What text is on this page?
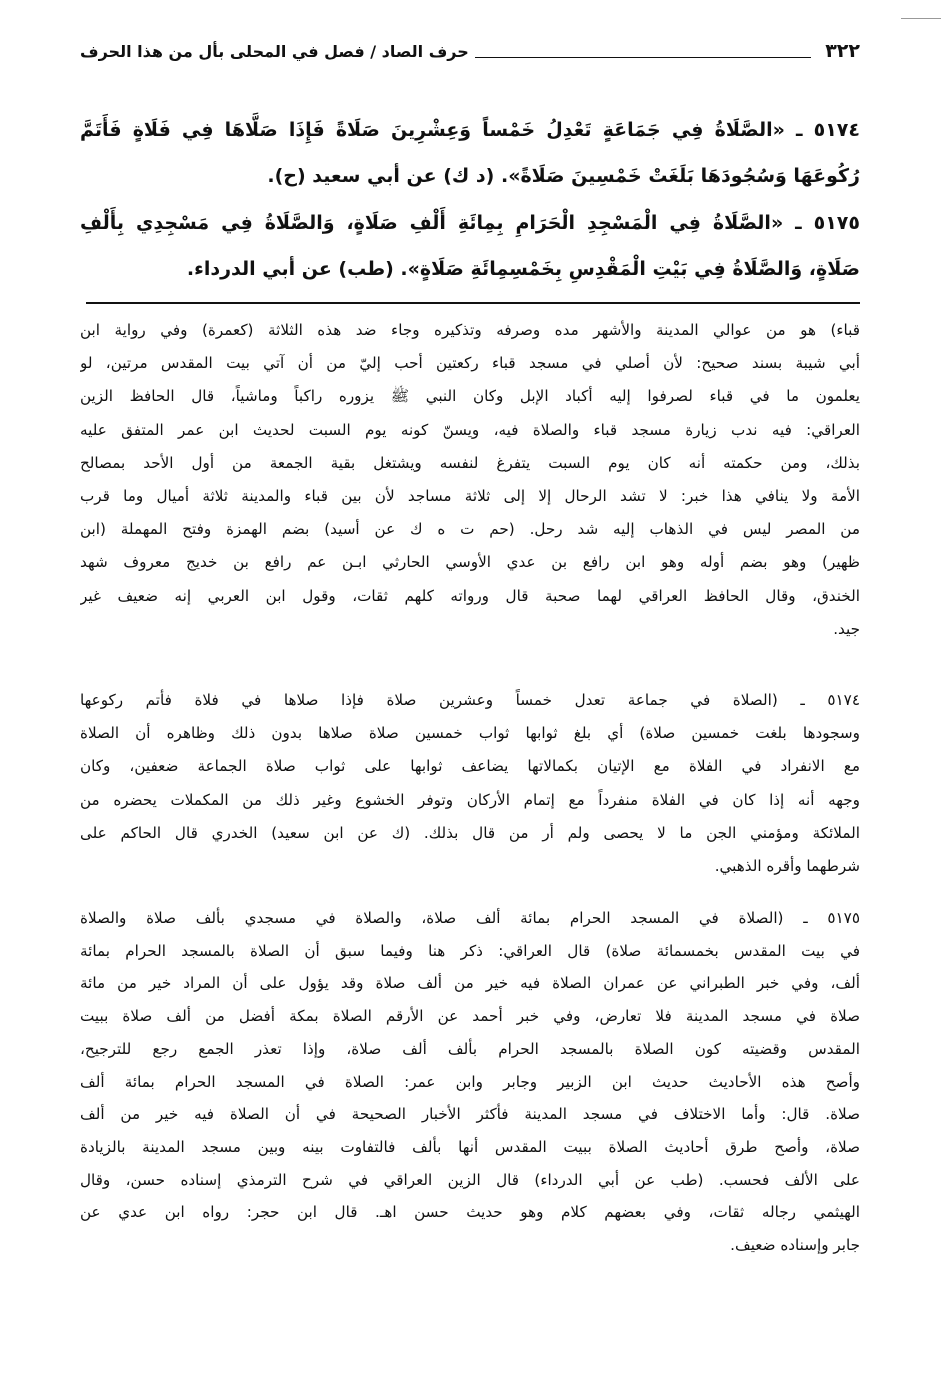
٣٢٢
حرف الصاد / فصل في المحلى بأل من هذا الحرف
٥١٧٤ ـ «الصَّلَاةُ فِي جَمَاعَةٍ تَعْدِلُ خَمْساً وَعِشْرِينَ صَلَاةً فَإِذَا صَلَّاهَا فِي فَلَاةٍ فَأَتَمَّ
رُكُوعَهَا وَسُجُودَهَا بَلَغَتْ خَمْسِينَ صَلَاةً». (د ك) عن أبي سعيد (ح).
٥١٧٥ ـ «الصَّلَاةُ فِي الْمَسْجِدِ الْحَرَامِ بِمِائَةِ أَلْفِ صَلَاةٍ، وَالصَّلَاةُ فِي مَسْجِدِي بِأَلْفِ
صَلَاةٍ، وَالصَّلَاةُ فِي بَيْتِ الْمَقْدِسِ بِخَمْسِمِائَةِ صَلَاةٍ». (طب) عن أبي الدرداء.
قباء) هو من عوالي المدينة والأشهر مده وصرفه وتذكيره وجاء ضد هذه الثلاثة (كعمرة) وفي رواية ابن
أبي شيبة بسند صحيح: لأن أصلي في مسجد قباء ركعتين أحب إليّ من أن آتي بيت المقدس مرتين، لو
يعلمون ما في قباء لصرفوا إليه أكباد الإبل وكان النبي ﷺ يزوره راكباً وماشياً، قال الحافظ الزين
العراقي: فيه ندب زيارة مسجد قباء والصلاة فيه، ويسنّ كونه يوم السبت لحديث ابن عمر المتفق عليه
بذلك، ومن حكمته أنه كان يوم السبت يتفرغ لنفسه ويشتغل بقية الجمعة من أول الأحد بمصالح
الأمة ولا ينافي هذا خبر: لا تشد الرحال إلا إلى ثلاثة مساجد لأن بين قباء والمدينة ثلاثة أميال وما قرب
من المصر ليس في الذهاب إليه شد رحل. (حم ت ه ك عن أسيد) بضم الهمزة وفتح المهملة (ابن
ظهير) وهو بضم أوله وهو ابن رافع بن عدي الأوسي الحارثي ابـن عم رافع بن خديج معروف شهد
الخندق، وقال الحافظ العراقي لهما صحبة قال ورواته كلهم ثقات، وقول ابن العربي إنه ضعيف غير
جيد.
٥١٧٤ ـ (الصلاة في جماعة تعدل خمساً وعشرين صلاة فإذا صلاها في فلاة فأتم ركوعها
وسجودها بلغت خمسين صلاة) أي بلغ ثوابها ثواب خمسين صلاة صلاها بدون ذلك وظاهره أن الصلاة
مع الانفراد في الفلاة مع الإتيان بكمالاتها يضاعف ثوابها على ثواب صلاة الجماعة ضعفين، وكان
وجهه أنه إذا كان في الفلاة منفرداً مع إتمام الأركان وتوفر الخشوع وغير ذلك من المكملات يحضره من
الملائكة ومؤمني الجن ما لا يحصى ولم أر من قال بذلك. (ك عن ابن سعيد) الخدري قال الحاكم على
شرطهما وأقره الذهبي.
٥١٧٥ ـ (الصلاة في المسجد الحرام بمائة ألف صلاة، والصلاة في مسجدي بألف صلاة والصلاة
في بيت المقدس بخمسمائة صلاة) قال العراقي: ذكر هنا وفيما سبق أن الصلاة بالمسجد الحرام بمائة
ألف، وفي خبر الطبراني عن عمران الصلاة فيه خير من ألف صلاة وقد يؤول على أن المراد خير من مائة
صلاة في مسجد المدينة فلا تعارض، وفي خبر أحمد عن الأرقم الصلاة بمكة أفضل من ألف صلاة ببيت
المقدس وقضيته كون الصلاة بالمسجد الحرام بألف ألف صلاة، وإذا تعذر الجمع رجع للترجيح،
وأصح هذه الأحاديث حديث ابن الزبير وجابر وابن عمر: الصلاة في المسجد الحرام بمائة ألف
صلاة. قال: وأما الاختلاف في مسجد المدينة فأكثر الأخبار الصحيحة في أن الصلاة فيه خير من ألف
صلاة، وأصح طرق أحاديث الصلاة ببيت المقدس أنها بألف فالتفاوت بينه وبين مسجد المدينة بالزيادة
على الألف فحسب. (طب عن أبي الدرداء) قال الزين العراقي في شرح الترمذي إسناده حسن، وقال
الهيثمي رجاله ثقات، وفي بعضهم كلام وهو حديث حسن اهـ. قال ابن حجر: رواه ابن عدي عن
جابر وإسناده ضعيف.
